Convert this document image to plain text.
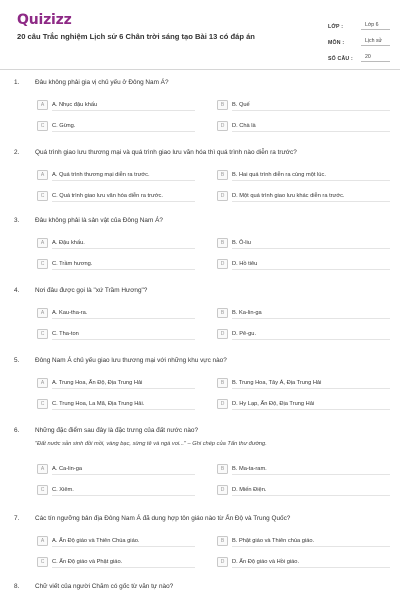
Quizizz
20 câu Trắc nghiệm Lịch sử 6 Chân trời sáng tạo Bài 13 có đáp án
LỚP :	Lớp 6
MÔN :	Lịch sử
SỐ CÂU :	20
1. Đâu không phải gia vị chủ yếu ở Đông Nam Á?
A	A. Nhục đậu khấu	B	B. Quế
C	C. Gừng.	D	D. Chà là
2. Quá trình giao lưu thương mại và quá trình giao lưu văn hóa thì quá trình nào diễn ra trước?
A	A. Quá trình thương mại diễn ra trước.	B	B. Hai quá trình diễn ra cùng một lúc.
C	C. Quá trình giao lưu văn hóa diễn ra trước.	D	D. Một quá trình giao lưu khác diễn ra trước.
3. Đâu không phải là sản vật của Đông Nam Á?
A	A. Đậu khấu.	B	B. Ô-liu
C	C. Trầm hương.	D	D. Hồ tiêu
4. Nơi đâu được gọi là "xứ Trầm Hương"?
A	A. Kau-tha-ra.	B	B. Ka-lin-ga
C	C. Tha-ton	D	D. Pê-gu.
5. Đông Nam Á chủ yếu giao lưu thương mại với những khu vực nào?
A	A. Trung Hoa, Ấn Độ, Địa Trung Hải	B	B. Trung Hoa, Tây Á, Địa Trung Hải
C	C. Trung Hoa, La Mã, Địa Trung Hải.	D	D. Hy Lạp, Ấn Độ, Địa Trung Hải
6. Những đặc điểm sau đây là đặc trưng của đất nước nào?
"Đất nước sản sinh đồi mồi, vàng bạc, sừng tê và ngà voi..." – Ghi chép của Tấn thư đường.
A	A. Ca-lin-ga	B	B. Ma-ta-ram.
C	C. Xiêm.	D	D. Miến Điện.
7. Các tín ngưỡng bản địa Đông Nam Á đã dung hợp tôn giáo nào từ Ấn Độ và Trung Quốc?
A	A. Ấn Độ giáo và Thiên Chúa giáo.	B	B. Phật giáo và Thiên chúa giáo.
C	C. Ấn Độ giáo và Phật giáo.	D	D. Ấn Độ giáo và Hồi giáo.
8. Chữ viết của người Chăm có gốc từ văn tự nào?
